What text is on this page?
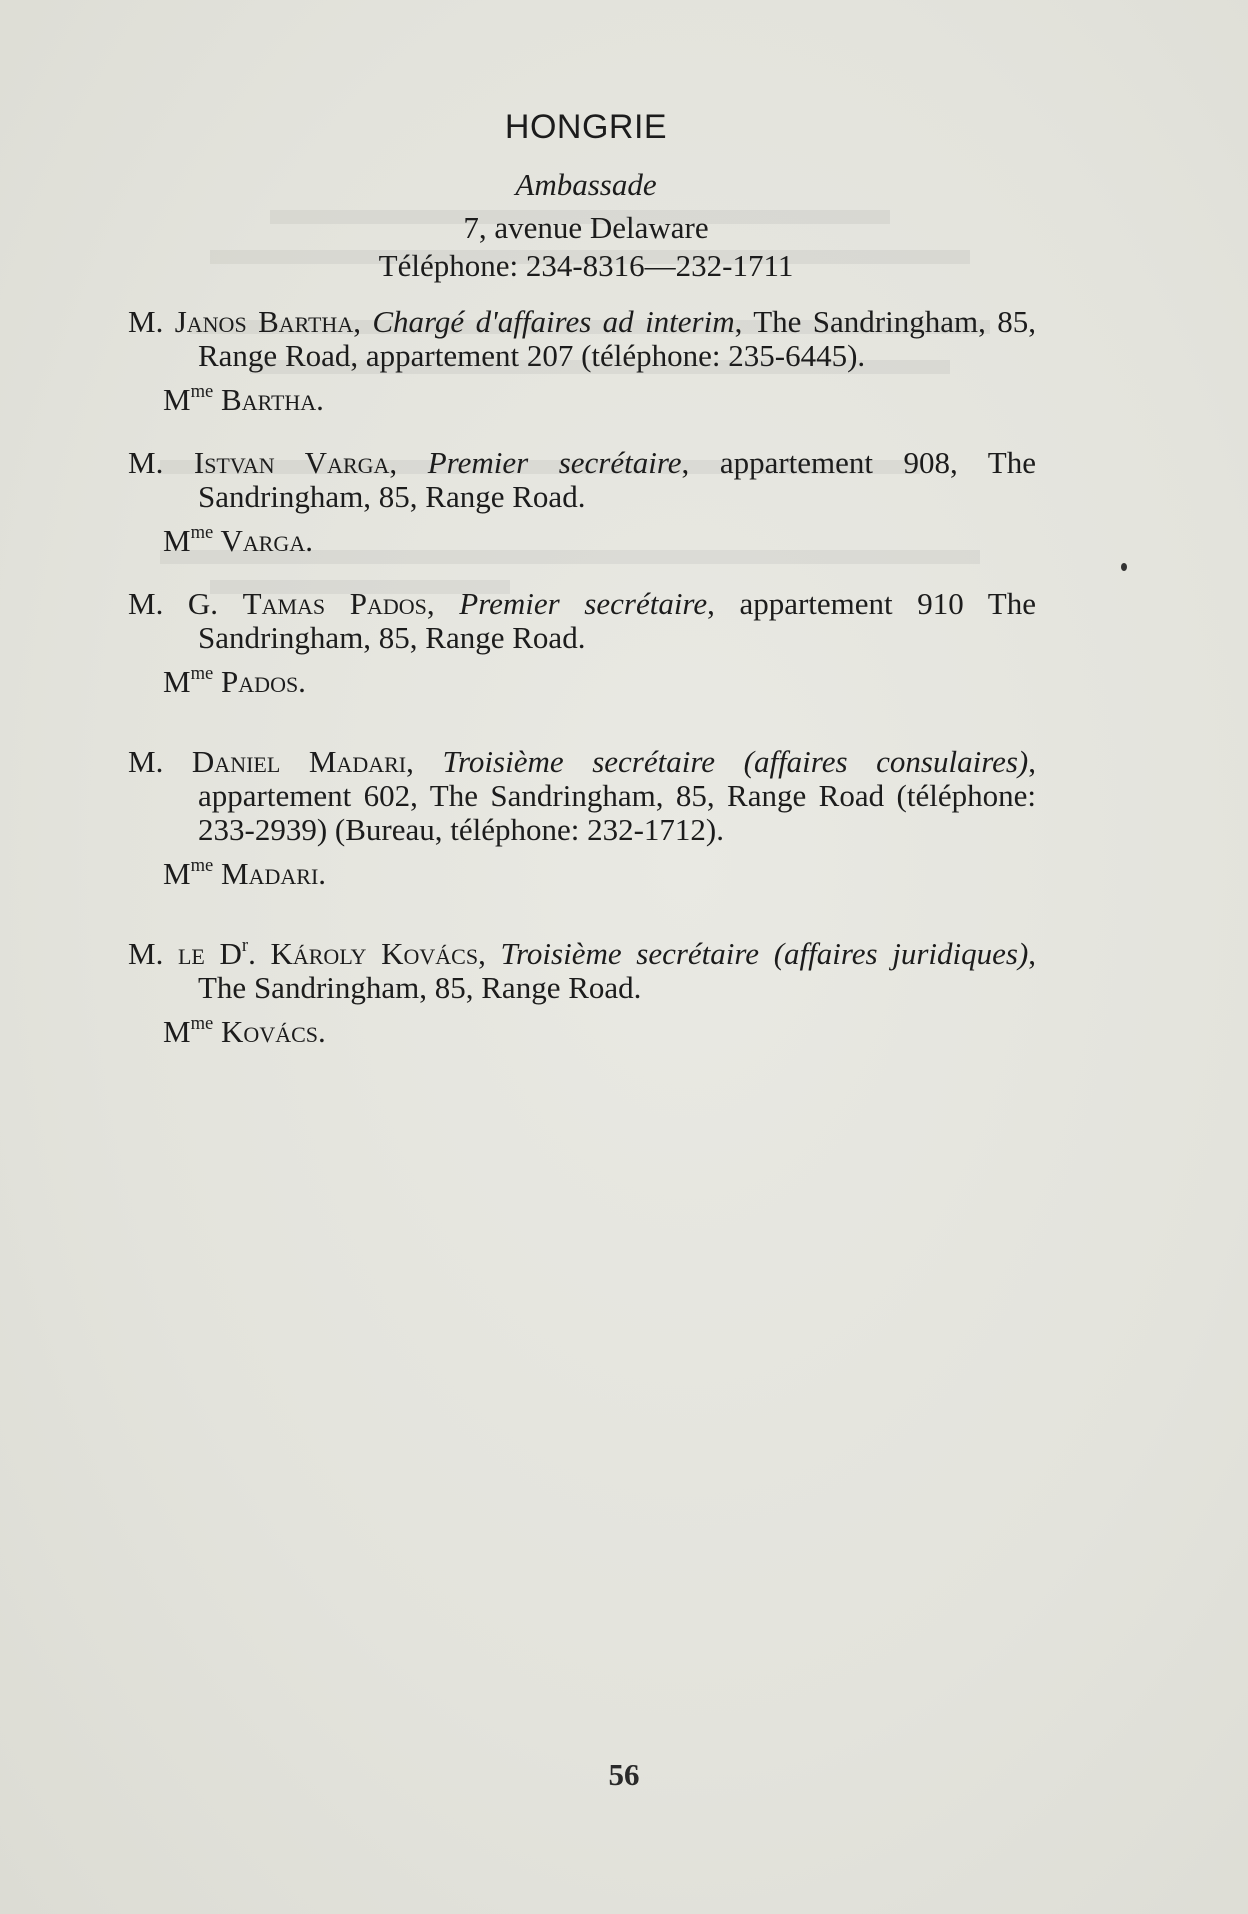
HONGRIE
Ambassade
7, avenue Delaware
Téléphone: 234-8316—232-1711
M. Janos Bartha, Chargé d'affaires ad interim, The Sandringham, 85, Range Road, appartement 207 (téléphone: 235-6445).
$M^{me}$ Bartha.
M. Istvan Varga, Premier secrétaire, appartement 908, The Sandringham, 85, Range Road.
$M^{me}$ Varga.
M. G. Tamas Pados, Premier secrétaire, appartement 910 The Sandringham, 85, Range Road.
$M^{me}$ Pados.
M. Daniel Madari, Troisième secrétaire (affaires consulaires), appartement 602, The Sandringham, 85, Range Road (téléphone: 233-2939) (Bureau, téléphone: 232-1712).
$M^{me}$ Madari.
M. le $D^r$. Károly Kovács, Troisième secrétaire (affaires juridiques), The Sandringham, 85, Range Road.
$M^{me}$ Kovács.
56
